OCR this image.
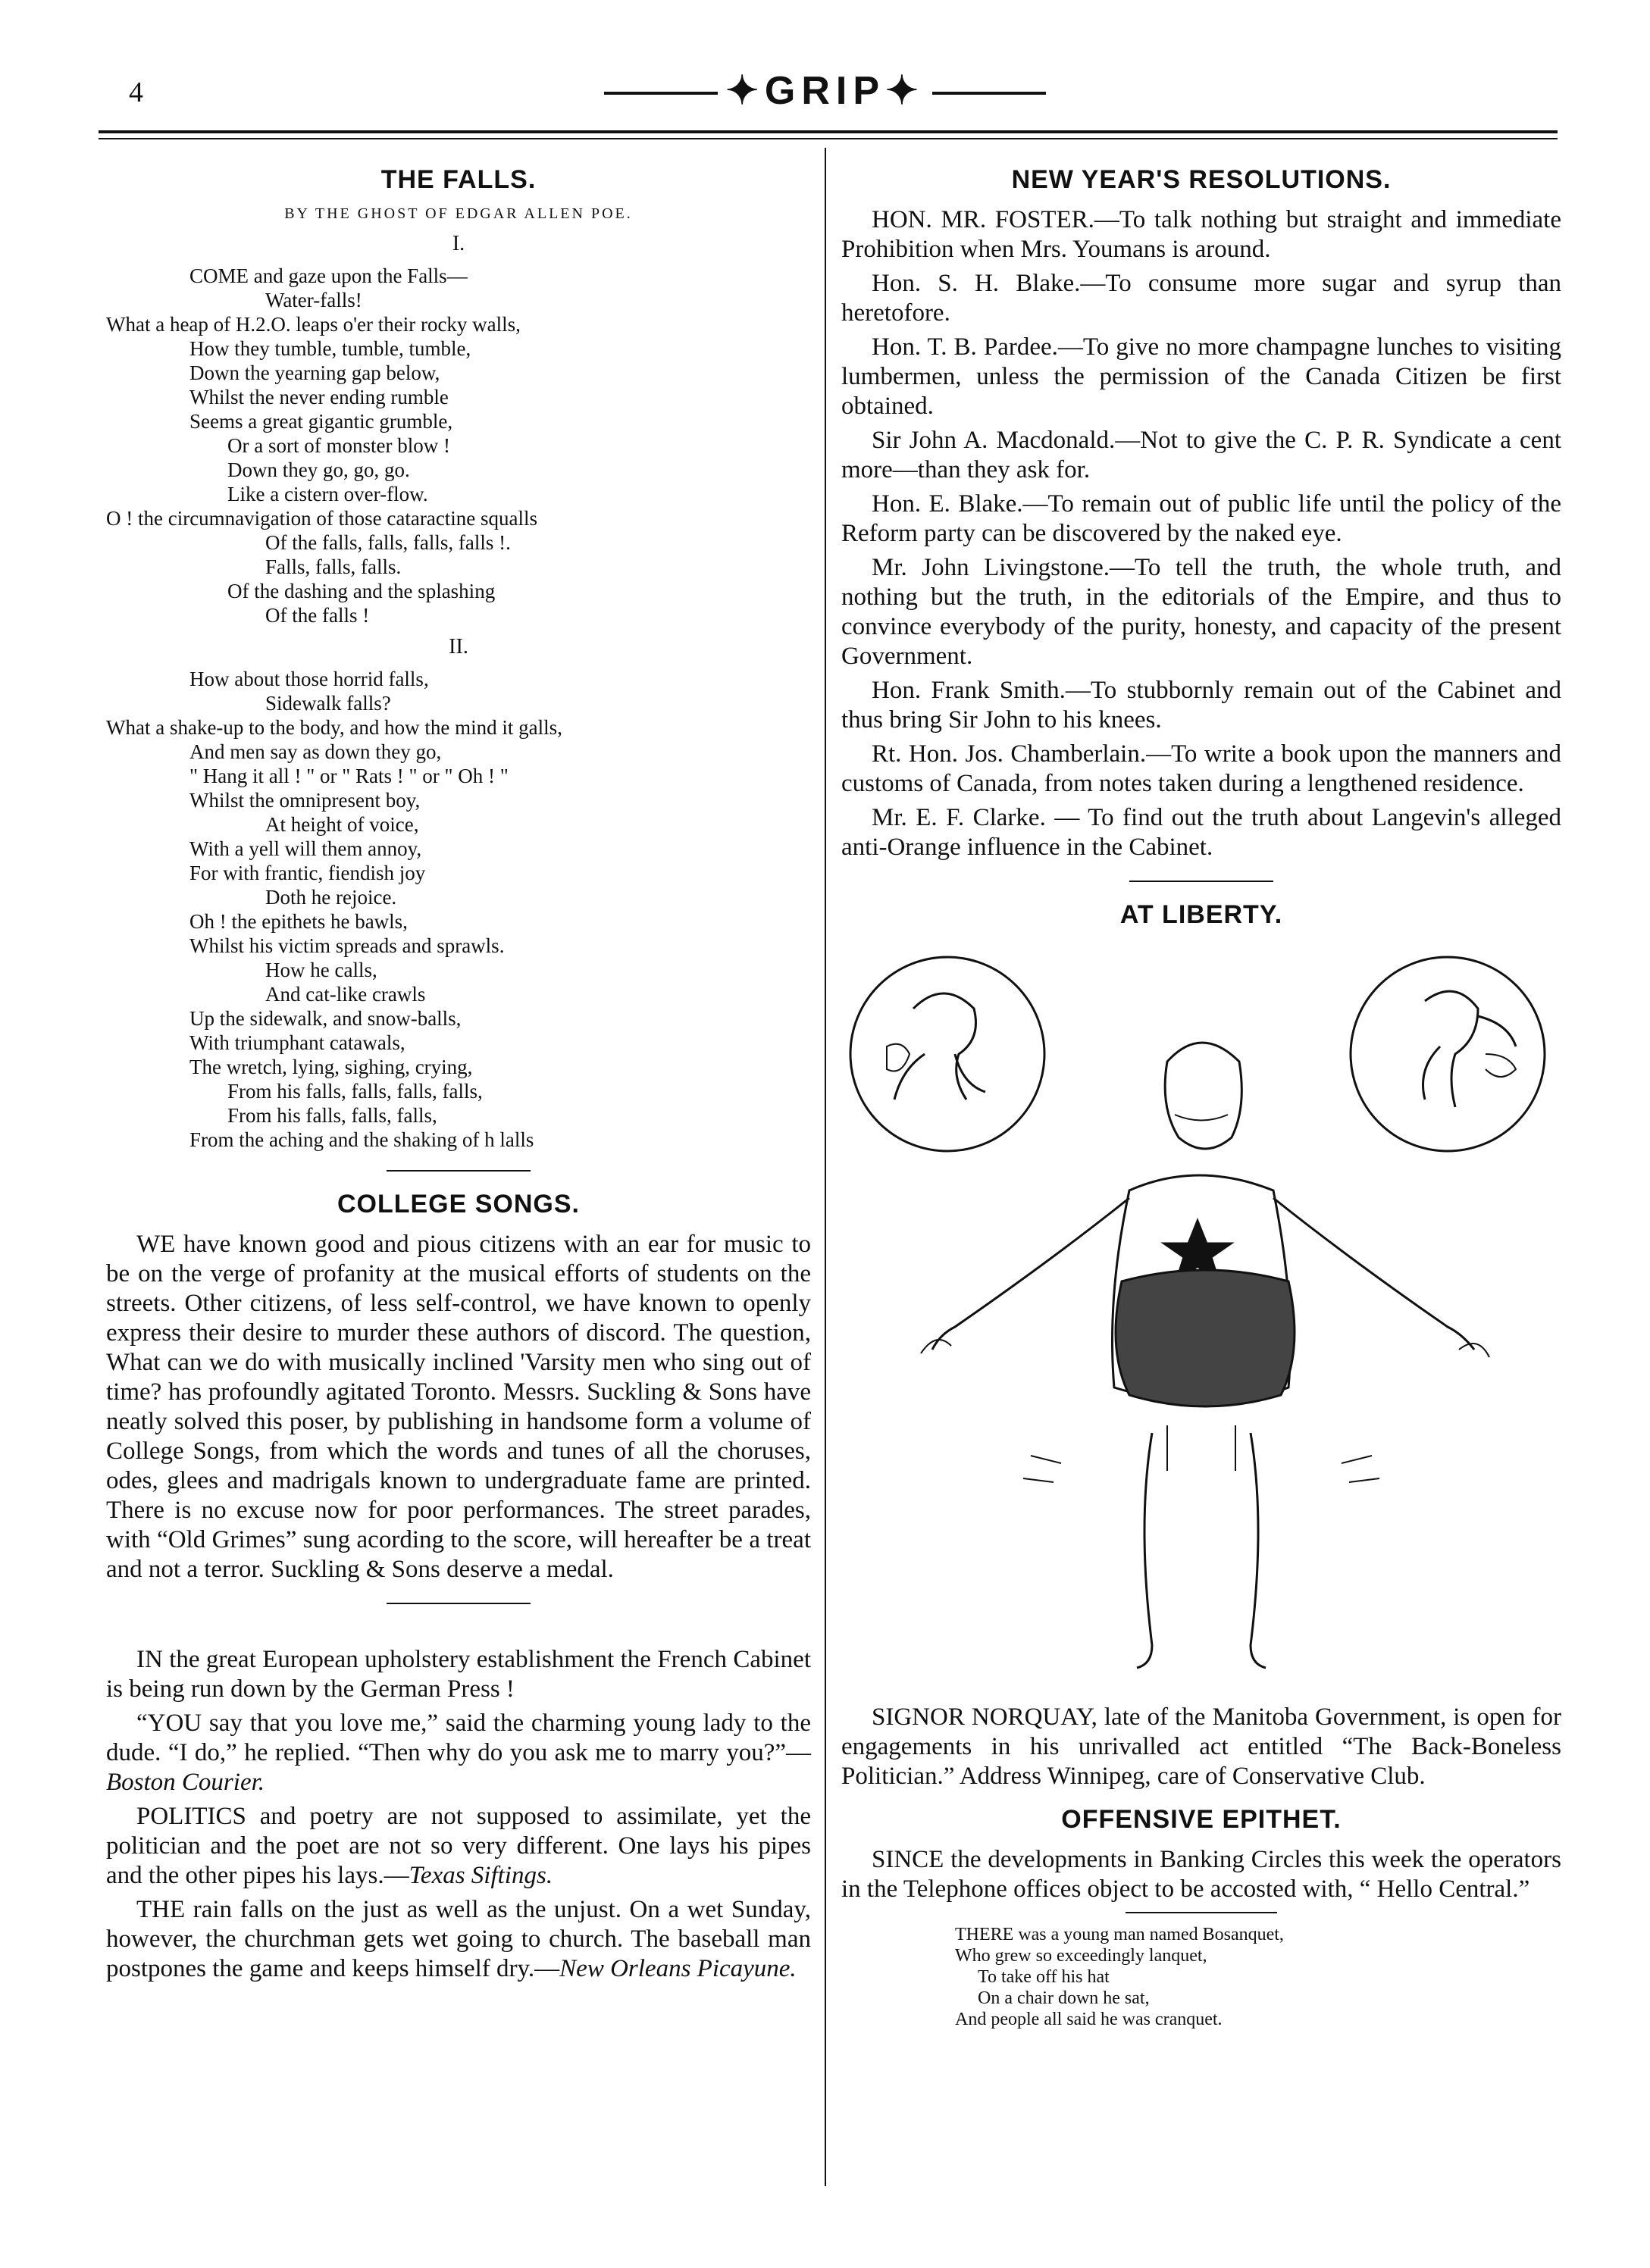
4	✦GRIP✦
THE FALLS.
BY THE GHOST OF EDGAR ALLEN POE.
I.
COME and gaze upon the Falls—
Water-falls!
What a heap of H.2.O. leaps o'er their rocky walls,
How they tumble, tumble, tumble,
Down the yearning gap below,
Whilst the never ending rumble
Seems a great gigantic grumble,
Or a sort of monster blow !
Down they go, go, go.
Like a cistern over-flow.
O ! the circumnavigation of those cataractine squalls
Of the falls, falls, falls, falls !.
Falls, falls, falls.
Of the dashing and the splashing
Of the falls !
II.
How about those horrid falls,
Sidewalk falls?
What a shake-up to the body, and how the mind it galls,
And men say as down they go,
" Hang it all ! " or " Rats ! " or " Oh ! "
Whilst the omnipresent boy,
At height of voice,
With a yell will them annoy,
For with frantic, fiendish joy
Doth he rejoice.
Oh ! the epithets he bawls,
Whilst his victim spreads and sprawls.
How he calls,
And cat-like crawls
Up the sidewalk, and snow-balls,
With triumphant catawals,
The wretch, lying, sighing, crying,
From his falls, falls, falls, falls,
From his falls, falls, falls,
From the aching and the shaking of h lalls
COLLEGE SONGS.

WE have known good and pious citizens with an ear for music to be on the verge of profanity at the musical efforts of students on the streets. Other citizens, of less self-control, we have known to openly express their desire to murder these authors of discord. The question, What can we do with musically inclined 'Varsity men who sing out of time? has profoundly agitated Toronto. Messrs. Suckling & Sons have neatly solved this poser, by publishing in handsome form a volume of College Songs, from which the words and tunes of all the choruses, odes, glees and madrigals known to undergraduate fame are printed. There is no excuse now for poor performances. The street parades, with “Old Grimes” sung acording to the score, will hereafter be a treat and not a terror. Suckling & Sons deserve a medal.

IN the great European upholstery establishment the French Cabinet is being run down by the German Press !

“YOU say that you love me,” said the charming young lady to the dude. “I do,” he replied. “Then why do you ask me to marry you?”—Boston Courier.

POLITICS and poetry are not supposed to assimilate, yet the politician and the poet are not so very different. One lays his pipes and the other pipes his lays.—Texas Siftings.

THE rain falls on the just as well as the unjust. On a wet Sunday, however, the churchman gets wet going to church. The baseball man postpones the game and keeps himself dry.—New Orleans Picayune.

NEW YEAR'S RESOLUTIONS.

HON. MR. FOSTER.—To talk nothing but straight and immediate Prohibition when Mrs. Youmans is around.

Hon. S. H. Blake.—To consume more sugar and syrup than heretofore.

Hon. T. B. Pardee.—To give no more champagne lunches to visiting lumbermen, unless the permission of the Canada Citizen be first obtained.

Sir John A. Macdonald.—Not to give the C. P. R. Syndicate a cent more—than they ask for.

Hon. E. Blake.—To remain out of public life until the policy of the Reform party can be discovered by the naked eye.

Mr. John Livingstone.—To tell the truth, the whole truth, and nothing but the truth, in the editorials of the Empire, and thus to convince everybody of the purity, honesty, and capacity of the present Government.

Hon. Frank Smith.—To stubbornly remain out of the Cabinet and thus bring Sir John to his knees.

Rt. Hon. Jos. Chamberlain.—To write a book upon the manners and customs of Canada, from notes taken during a lengthened residence.

Mr. E. F. Clarke. — To find out the truth about Langevin's alleged anti-Orange influence in the Cabinet.

AT LIBERTY.

SIGNOR NORQUAY, late of the Manitoba Government, is open for engagements in his unrivalled act entitled “The Back-Boneless Politician.” Address Winnipeg, care of Conservative Club.

OFFENSIVE EPITHET.

SINCE the developments in Banking Circles this week the operators in the Telephone offices object to be accosted with, “ Hello Central.”

THERE was a young man named Bosanquet,
Who grew so exceedingly lanquet,
To take off his hat
On a chair down he sat,
And people all said he was cranquet.
